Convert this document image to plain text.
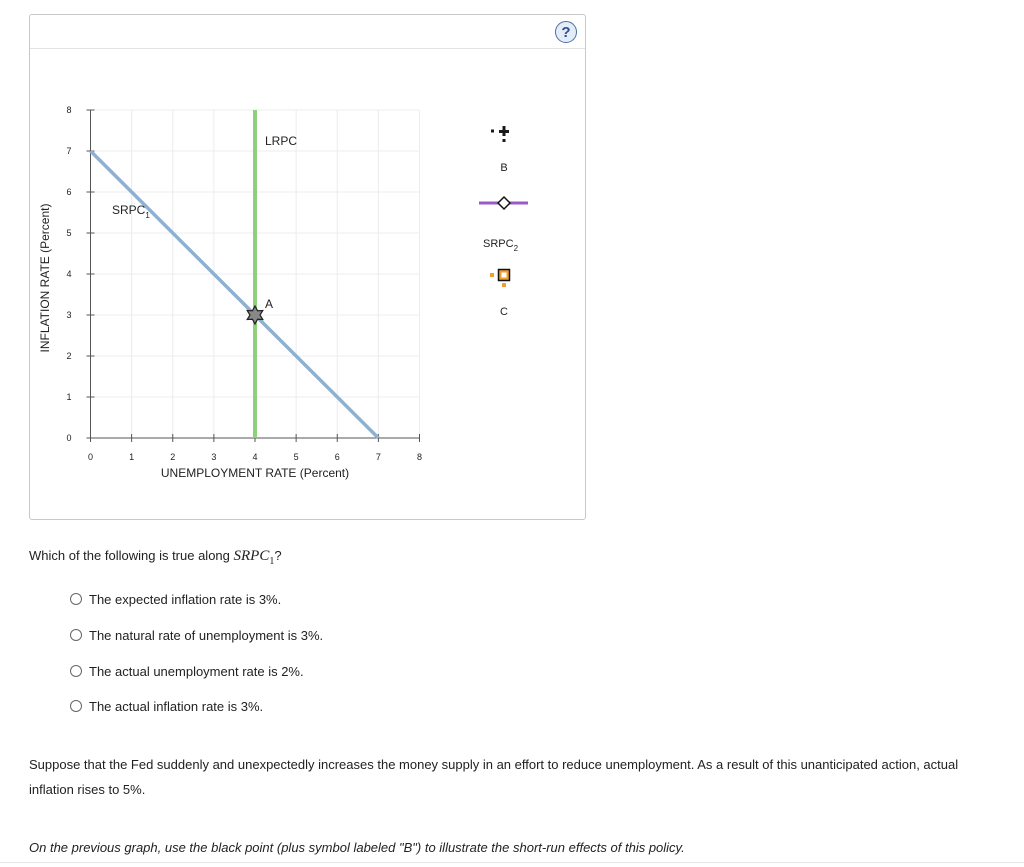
?
0	1	2	3	4	5	6	7	8
0
1
2
3
4
5
6
7
8
UNEMPLOYMENT RATE (Percent)
INFLATION RATE (Percent)
LRPC
$SRPC_1$
A
B
$SRPC_2$
C
Which of the following is true along $SRPC_1$?
The expected inflation rate is 3%.
The natural rate of unemployment is 3%.
The actual unemployment rate is 2%.
The actual inflation rate is 3%.
Suppose that the Fed suddenly and unexpectedly increases the money supply in an effort to reduce unemployment. As a result of this unanticipated action, actual inflation rises to 5%.
On the previous graph, use the black point (plus symbol labeled "B") to illustrate the short-run effects of this policy.
